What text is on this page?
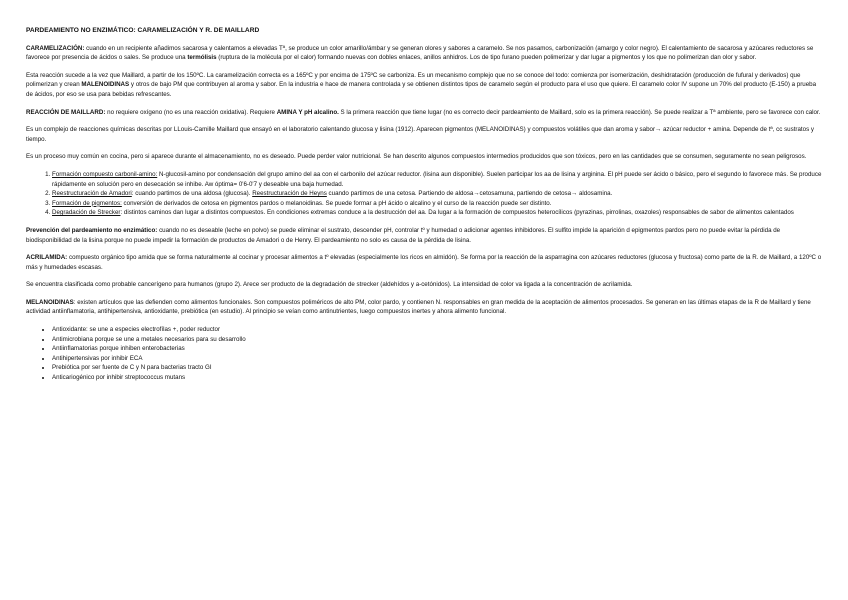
PARDEAMIENTO NO ENZIMÁTICO: CARAMELIZACIÓN Y R. DE MAILLARD

CARAMELIZACIÓN: cuando en un recipiente añadimos sacarosa y calentamos a elevadas Tª, se produce un color amarillo/ámbar y se generan olores y sabores a caramelo. Se nos pasamos, carbonización (amargo y color negro). El calentamiento de sacarosa y azúcares reductores se favorece por presencia de ácidos o sales. Se produce una termólisis (ruptura de la molécula por el calor) formando nuevas con dobles enlaces, anillos anhidros. Los de tipo furano pueden polimerizar y dar lugar a pigmentos y los que no polimerizan dan olor y sabor.

Esta reacción sucede a la vez que Maillard, a partir de los 150ºC. La caramelización correcta es a 165ºC y por encima de 175ºC se carboniza. Es un mecanismo complejo que no se conoce del todo: comienza por isomerización, deshidratación (producción de fufural y derivados) que polimerizan y crean MALENOIDINAS y otros de bajo PM que contribuyen al aroma y sabor. En la industria e hace de manera controlada y se obtienen distintos tipos de caramelo según el producto para el uso que quiere. El caramelo color IV supone un 70% del producto (E-150) a prueba de ácidos, por eso se usa para bebidas refrescantes.

REACCIÓN DE MAILLARD: no requiere oxígeno (no es una reacción oxidativa). Requiere AMINA Y pH alcalino. S la primera reacción que tiene lugar (no es correcto decir pardeamiento de Maillard, solo es la primera reacción). Se puede realizar a Tª ambiente, pero se favorece con calor.

Es un complejo de reacciones químicas descritas por LLouis-Camille Maillard que ensayó en el laboratorio calentando glucosa y lisina (1912). Aparecen pigmentos (MELANOIDINAS) y compuestos volátiles que dan aroma y sabor→ azúcar reductor + amina. Depende de tª, cc sustratos y tiempo.

Es un proceso muy común en cocina, pero si aparece durante el almacenamiento, no es deseado. Puede perder valor nutricional. Se han descrito algunos compuestos intermedios producidos que son tóxicos, pero en las cantidades que se consumen, seguramente no sean peligrosos.

1. Formación compuesto carbonil-amino: N-glucosil-amino por condensación del grupo amino del aa con el carbonilo del azúcar reductor. (lisina aun disponible). Suelen participar los aa de lisina y arginina. El pH puede ser ácido o básico, pero el segundo lo favorece más. Se produce rápidamente en solución pero en desecación se inhibe. Aw óptima= 0'6-0'7 y deseable una baja humedad.
2. Reestructuración de Amadori: cuando partimos de una aldosa (glucosa). Reestructuración de Heyns cuando partimos de una cetosa. Partiendo de aldosa→cetosamuna, partiendo de cetosa→ aldosamina.
3. Formación de pigmentos: conversión de derivados de cetosa en pigmentos pardos o melanoidinas. Se puede formar a pH ácido o alcalino y el curso de la reacción puede ser distinto.
4. Degradación de Strecker: distintos caminos dan lugar a distintos compuestos. En condiciones extremas conduce a la destrucción del aa. Da lugar a la formación de compuestos heterocílicos (pyrazinas, pirrolinas, oxazoles) responsables de sabor de alimentos calentados

Prevención del pardeamiento no enzimático: cuando no es deseable (leche en polvo) se puede eliminar el sustrato, descender pH, controlar tº y humedad o adicionar agentes inhibidores. El sulfito impide la aparición d epigmentos pardos pero no puede evitar la pérdida de biodisponibilidad de la lisina porque no puede impedir la formación de productos de Amadori o de Henry. El pardeamiento no solo es causa de la pérdida de lisina.

ACRILAMIDA: compuesto orgánico tipo amida que se forma naturalmente al cocinar y procesar alimentos a tº elevadas (especialmente los ricos en almidón). Se forma por la reacción de la asparragina con azúcares reductores (glucosa y fructosa) como parte de la R. de Maillard, a 120ºC o más y humedades escasas.

Se encuentra clasificada como probable cancerígeno para humanos (grupo 2). Arece ser producto de la degradación de strecker (aldehídos y a-cetónidos). La intensidad de color va ligada a la concentración de acrilamida.

MELANOIDINAS: existen artículos que las defienden como alimentos funcionales. Son compuestos poliméricos de alto PM, color pardo, y contienen N. responsables en gran medida de la aceptación de alimentos procesados. Se generan en las últimas etapas de la R de Maillard y tiene actividad antiinflamatoria, antihipertensiva, antioxidante, prebiótica (en estudio). Al principio se veían como antinutrientes, luego compuestos inertes y ahora alimento funcional.

• Antioxidante: se une a especies electrofílas +, poder reductor
• Antimicrobiana porque se une a metales necesarios para su desarrollo
• Antiinflamatorias porque inhiben enterobacterias
• Antihipertensivas por inhibir ECA
• Prebiótica por ser fuente de C y N para bacterias tracto GI
• Anticariogénico por inhibir streptococcus mutans
